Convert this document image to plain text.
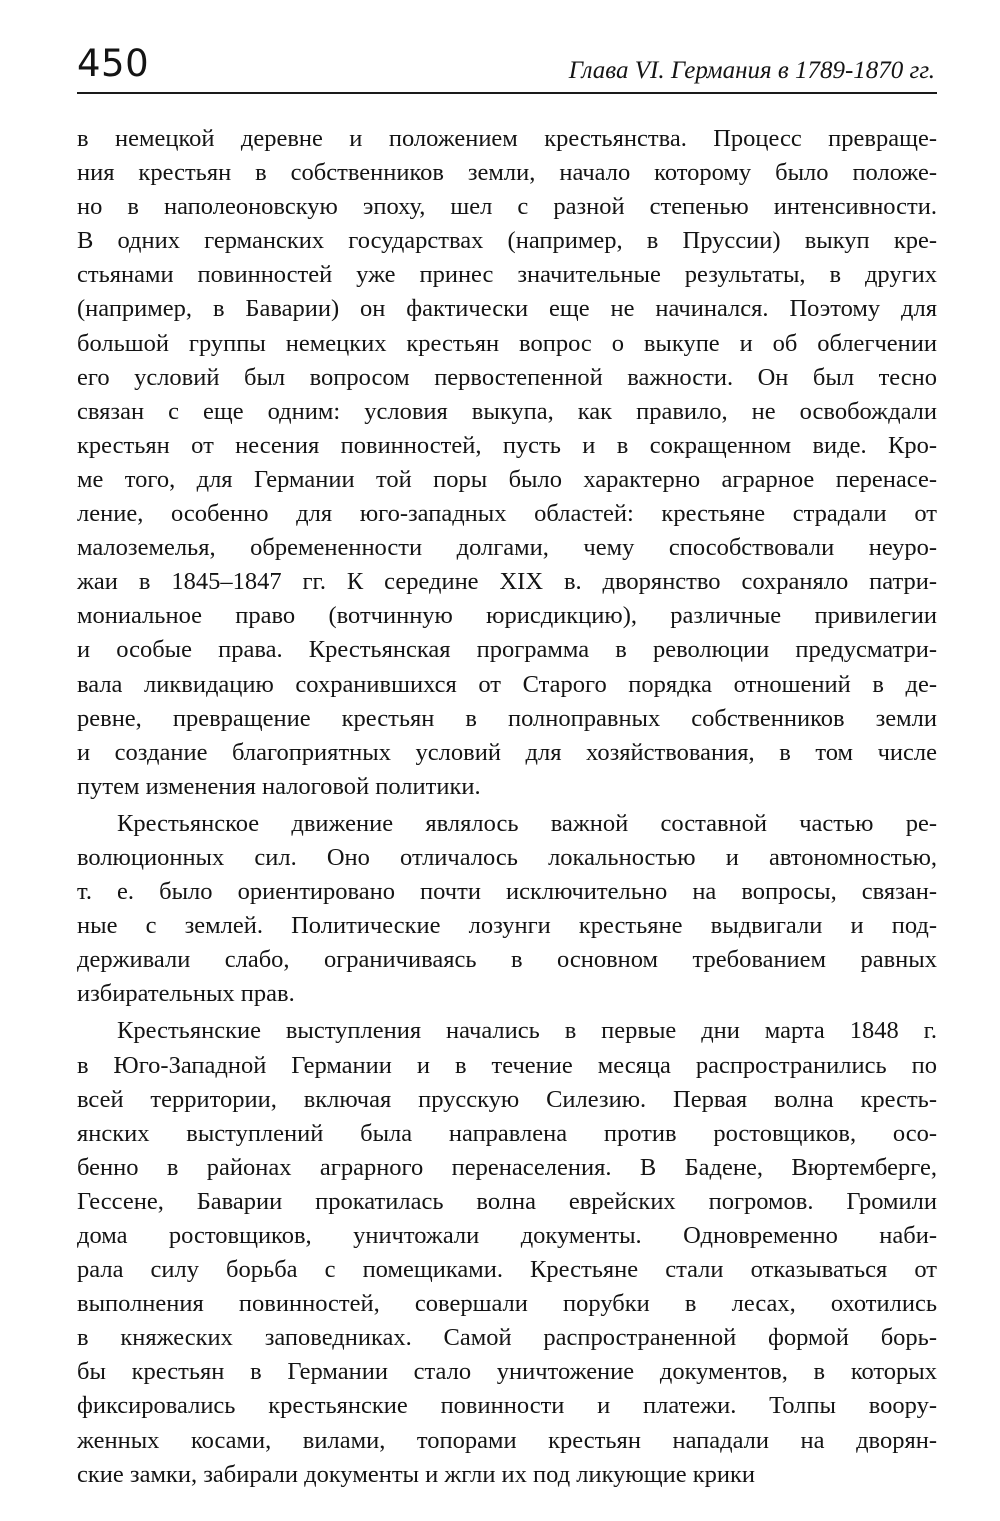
450	Глава VI. Германия в 1789-1870 гг.
в немецкой деревне и положением крестьянства. Процесс превраще-
ния крестьян в собственников земли, начало которому было положе-
но в наполеоновскую эпоху, шел с разной степенью интенсивности.
В одних германских государствах (например, в Пруссии) выкуп кре-
стьянами повинностей уже принес значительные результаты, в других
(например, в Баварии) он фактически еще не начинался. Поэтому для
большой группы немецких крестьян вопрос о выкупе и об облегчении
его условий был вопросом первостепенной важности. Он был тесно
связан с еще одним: условия выкупа, как правило, не освобождали
крестьян от несения повинностей, пусть и в сокращенном виде. Кро-
ме того, для Германии той поры было характерно аграрное перенасе-
ление, особенно для юго-западных областей: крестьяне страдали от
малоземелья, обремененности долгами, чему способствовали неуро-
жаи в 1845–1847 гг. К середине XIX в. дворянство сохраняло патри-
мониальное право (вотчинную юрисдикцию), различные привилегии
и особые права. Крестьянская программа в революции предусматри-
вала ликвидацию сохранившихся от Старого порядка отношений в де-
ревне, превращение крестьян в полноправных собственников земли
и создание благоприятных условий для хозяйствования, в том числе
путем изменения налоговой политики.
Крестьянское движение являлось важной составной частью ре-
волюционных сил. Оно отличалось локальностью и автономностью,
т. е. было ориентировано почти исключительно на вопросы, связан-
ные с землей. Политические лозунги крестьяне выдвигали и под-
держивали слабо, ограничиваясь в основном требованием равных
избирательных прав.
Крестьянские выступления начались в первые дни марта 1848 г.
в Юго-Западной Германии и в течение месяца распространились по
всей территории, включая прусскую Силезию. Первая волна кресть-
янских выступлений была направлена против ростовщиков, осо-
бенно в районах аграрного перенаселения. В Бадене, Вюртемберге,
Гессене, Баварии прокатилась волна еврейских погромов. Громили
дома ростовщиков, уничтожали документы. Одновременно наби-
рала силу борьба с помещиками. Крестьяне стали отказываться от
выполнения повинностей, совершали порубки в лесах, охотились
в княжеских заповедниках. Самой распространенной формой борь-
бы крестьян в Германии стало уничтожение документов, в которых
фиксировались крестьянские повинности и платежи. Толпы воору-
женных косами, вилами, топорами крестьян нападали на дворян-
ские замки, забирали документы и жгли их под ликующие крики
